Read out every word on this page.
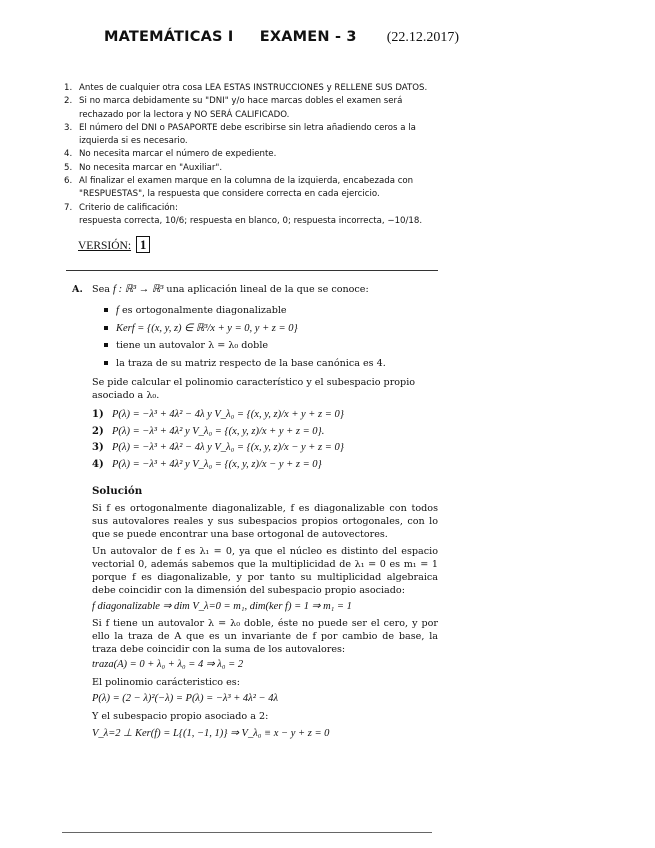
MATEMÁTICAS I     EXAMEN - 3 (22.12.2017)
1. Antes de cualquier otra cosa LEA ESTAS INSTRUCCIONES y RELLENE SUS DATOS.
2. Si no marca debidamente su "DNI" y/o hace marcas dobles el examen será rechazado por la lectora y NO SERÁ CALIFICADO.
3. El número del DNI o PASAPORTE debe escribirse sin letra añadiendo ceros a la izquierda si es necesario.
4. No necesita marcar el número de expediente.
5. No necesita marcar en "Auxiliar".
6. Al finalizar el examen marque en la columna de la izquierda, encabezada con "RESPUESTAS", la respuesta que considere correcta en cada ejercicio.
7. Criterio de calificación:
respuesta correcta, 10/6; respuesta en blanco, 0; respuesta incorrecta, −10/18.
VERSIÓN: 1
A. Sea f : ℝ³ → ℝ³ una aplicación lineal de la que se conoce:
f es ortogonalmente diagonalizable
Kerf = {(x, y, z) ∈ ℝ³/x + y = 0, y + z = 0}
tiene un autovalor λ = λ₀ doble
la traza de su matriz respecto de la base canónica es 4.
Se pide calcular el polinomio característico y el subespacio propio asociado a λ₀.
1) P(λ) = −λ³ + 4λ² − 4λ y V_λ₀ = {(x, y, z)/x + y + z = 0}
2) P(λ) = −λ³ + 4λ² y V_λ₀ = {(x, y, z)/x + y + z = 0}.
3) P(λ) = −λ³ + 4λ² − 4λ y V_λ₀ = {(x, y, z)/x − y + z = 0}
4) P(λ) = −λ³ + 4λ² y V_λ₀ = {(x, y, z)/x − y + z = 0}
Solución
Si f es ortogonalmente diagonalizable, f es diagonalizable con todos sus autovalores reales y sus subespacios propios ortogonales, con lo que se puede encontrar una base ortogonal de autovectores.
Un autovalor de f es λ₁ = 0, ya que el núcleo es distinto del espacio vectorial 0, además sabemos que la multiplicidad de λ₁ = 0 es m₁ = 1 porque f es diagonalizable, y por tanto su multiplicidad algebraica debe coincidir con la dimensión del subespacio propio asociado:
f diagonalizable ⇒ dim V_λ=0 = m₁, dim(ker f) = 1 ⇒ m₁ = 1
Si f tiene un autovalor λ = λ₀ doble, éste no puede ser el cero, y por ello la traza de A que es un invariante de f por cambio de base, la traza debe coincidir con la suma de los autovalores:
traza(A) = 0 + λ₀ + λ₀ = 4 ⇒ λ₀ = 2
El polinomio carácteristico es:
P(λ) = (2 − λ)²(−λ) = P(λ) = −λ³ + 4λ² − 4λ
Y el subespacio propio asociado a 2:
V_λ=2 ⊥ Ker(f) = L{(1, −1, 1)} ⇒ V_λ₀ ≡ x − y + z = 0
